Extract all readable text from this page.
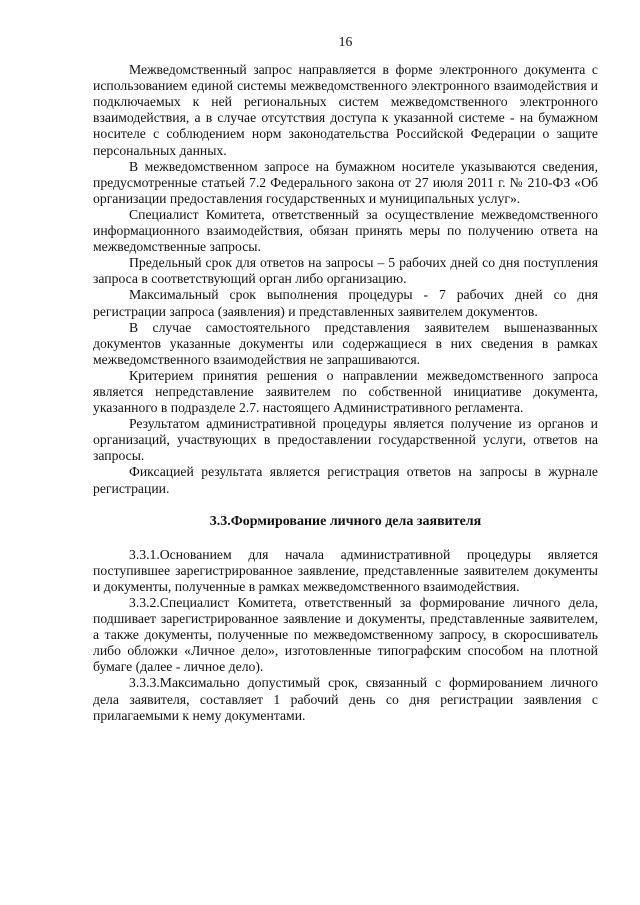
16

Межведомственный запрос направляется в форме электронного документа с использованием единой системы межведомственного электронного взаимодействия и подключаемых к ней региональных систем межведомственного электронного взаимодействия, а в случае отсутствия доступа к указанной системе - на бумажном носителе с соблюдением норм законодательства Российской Федерации о защите персональных данных.

В межведомственном запросе на бумажном носителе указываются сведения, предусмотренные статьей 7.2 Федерального закона от 27 июля 2011 г. № 210-ФЗ «Об организации предоставления государственных и муниципальных услуг».

Специалист Комитета, ответственный за осуществление межведомственного информационного взаимодействия, обязан принять меры по получению ответа на межведомственные запросы.

Предельный срок для ответов на запросы – 5 рабочих дней со дня поступления запроса в соответствующий орган либо организацию.

Максимальный срок выполнения процедуры - 7 рабочих дней со дня регистрации запроса (заявления) и представленных заявителем документов.

В случае самостоятельного представления заявителем вышеназванных документов указанные документы или содержащиеся в них сведения в рамках межведомственного взаимодействия не запрашиваются.

Критерием принятия решения о направлении межведомственного запроса является непредставление заявителем по собственной инициативе документа, указанного в подразделе 2.7. настоящего Административного регламента.

Результатом административной процедуры является получение из органов и организаций, участвующих в предоставлении государственной услуги, ответов на запросы.

Фиксацией результата является регистрация ответов на запросы в журнале регистрации.

3.3.Формирование личного дела заявителя

3.3.1.Основанием для начала административной процедуры является поступившее зарегистрированное заявление, представленные заявителем документы и документы, полученные в рамках межведомственного взаимодействия.

3.3.2.Специалист Комитета, ответственный за формирование личного дела, подшивает зарегистрированное заявление и документы, представленные заявителем, а также документы, полученные по межведомственному запросу, в скоросшиватель либо обложки «Личное дело», изготовленные типографским способом на плотной бумаге (далее - личное дело).

3.3.3.Максимально допустимый срок, связанный с формированием личного дела заявителя, составляет 1 рабочий день со дня регистрации заявления с прилагаемыми к нему документами.
